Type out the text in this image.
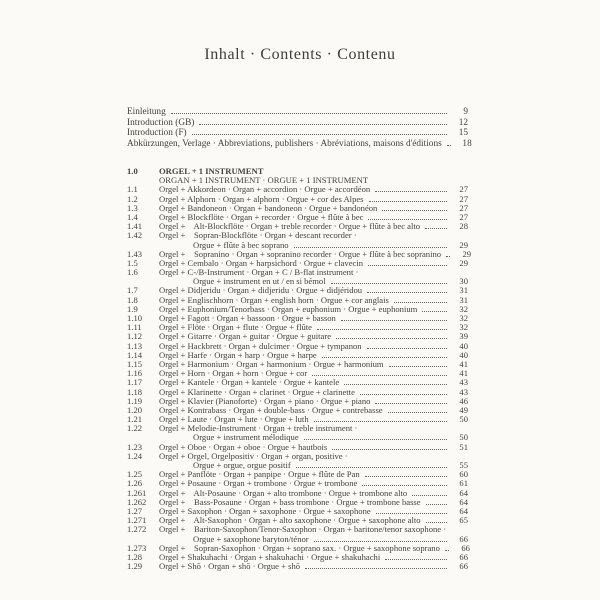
Inhalt · Contents · Contenu
Einleitung	9
Introduction (GB)	12
Introduction (F)	15
Abkürzungen, Verlage · Abbreviations, publishers · Abréviations, maisons d'éditions	18
1.0	ORGEL + 1 INSTRUMENT
ORGAN + 1 INSTRUMENT · ORGUE + 1 INSTRUMENT
1.1	Orgel + Akkordeon · Organ + accordion · Orgue + accordéon	27
1.2	Orgel + Alphorn · Organ + alphorn · Orgue + cor des Alpes	27
1.3	Orgel + Bandoneon · Organ + bandoneon · Orgue + bandonéon	27
1.4	Orgel + Blockflöte · Organ + recorder · Orgue + flûte à bec	27
1.41	Orgel +    Alt-Blockflöte · Organ + treble recorder · Orgue + flûte à bec alto	28
1.42	Orgel +    Sopran-Blockflöte · Organ + descant recorder ·
Orgue + flûte à bec soprano	29
1.43	Orgel +    Sopranino · Organ + sopranino recorder · Orgue + flûte à bec sopranino	29
1.5	Orgel + Cembalo · Organ + harpsichord · Orgue + clavecin	29
1.6	Orgel + C-/B-Instrument · Organ + C / B-flat instrument ·
Orgue + instrument en ut / en si bémol	30
1.7	Orgel + Didjeridu · Organ + didjeridu · Orgue + didjéridou	31
1.8	Orgel + Englischhorn · Organ + english horn · Orgue + cor anglais	31
1.9	Orgel + Euphonium/Tenorbass · Organ + euphonium · Orgue + euphonium	32
1.10	Orgel + Fagott · Organ + bassoon · Orgue + basson	32
1.11	Orgel + Flöte · Organ + flute · Orgue + flûte	32
1.12	Orgel + Gitarre · Organ + guitar · Orgue + guitare	39
1.13	Orgel + Hackbrett · Organ + dulcimer · Orgue + tympanon	40
1.14	Orgel + Harfe · Organ + harp · Orgue + harpe	40
1.15	Orgel + Harmonium · Organ + harmonium · Orgue + harmonium	41
1.16	Orgel + Horn · Organ + horn · Orgue + cor	41
1.17	Orgel + Kantele · Organ + kantele · Orgue + kantele	43
1.18	Orgel + Klarinette · Organ + clarinet · Orgue + clarinette	43
1.19	Orgel + Klavier (Pianoforte) · Organ + piano · Orgue + piano	46
1.20	Orgel + Kontrabass · Organ + double-bass · Orgue + contrebasse	49
1.21	Orgel + Laute · Organ + lute · Orgue + luth	50
1.22	Orgel + Melodie-Instrument · Organ + treble instrument ·
Orgue + instrument mélodique	50
1.23	Orgel + Oboe · Organ + oboe · Orgue + hautbois	51
1.24	Orgel + Orgel, Orgelpositiv · Organ + organ, positive ·
Orgue + orgue, orgue positif	55
1.25	Orgel + Panflöte · Organ + panpipe · Orgue + flûte de Pan	60
1.26	Orgel + Posaune · Organ + trombone · Orgue + trombone	61
1.261	Orgel +    Alt-Posaune · Organ + alto trombone · Orgue + trombone alto	64
1.262	Orgel +    Bass-Posaune · Organ + bass trombone · Orgue + trombone basse	64
1.27	Orgel + Saxophon · Organ + saxophone · Orgue + saxophone	64
1.271	Orgel +    Alt-Saxophon · Organ + alto saxophone · Orgue + saxophone alto	65
1.272	Orgel +    Bariton-Saxophon/Tenor-Saxophon · Organ + baritone/tenor saxophone ·
Orgue + saxophone baryton/ténor	66
1.273	Orgel +    Sopran-Saxophon · Organ + soprano sax. · Orgue + saxophone soprano	66
1.28	Orgel + Shakuhachi · Organ + shakuhachi · Orgue + shakuhachi	66
1.29	Orgel + Shō · Organ + shō · Orgue + shō	66
